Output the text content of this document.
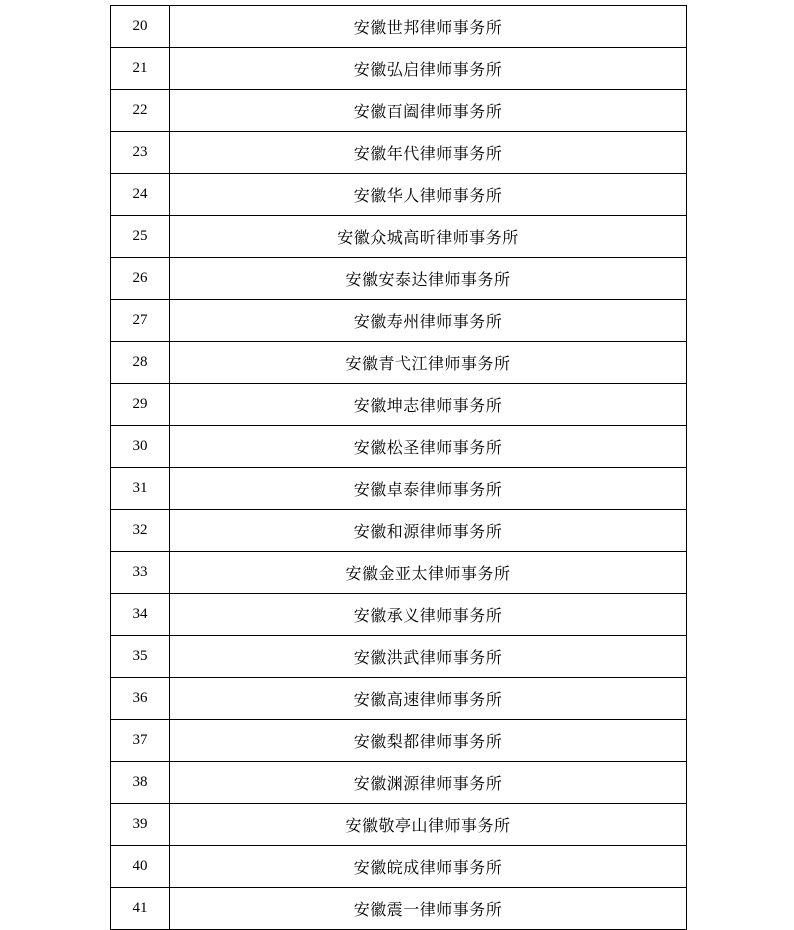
20	安徽世邦律师事务所
21	安徽弘启律师事务所
22	安徽百阖律师事务所
23	安徽年代律师事务所
24	安徽华人律师事务所
25	安徽众城高昕律师事务所
26	安徽安泰达律师事务所
27	安徽寿州律师事务所
28	安徽青弋江律师事务所
29	安徽坤志律师事务所
30	安徽松圣律师事务所
31	安徽卓泰律师事务所
32	安徽和源律师事务所
33	安徽金亚太律师事务所
34	安徽承义律师事务所
35	安徽洪武律师事务所
36	安徽高速律师事务所
37	安徽梨都律师事务所
38	安徽渊源律师事务所
39	安徽敬亭山律师事务所
40	安徽皖成律师事务所
41	安徽震一律师事务所
